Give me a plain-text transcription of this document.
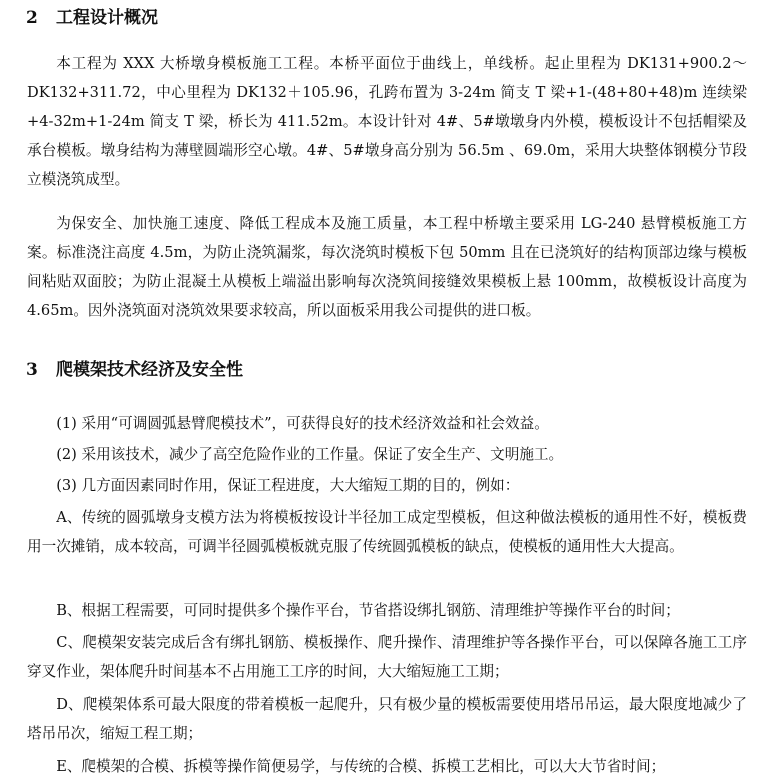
2 工程设计概况

本工程为 XXX 大桥墩身模板施工工程。本桥平面位于曲线上，单线桥。起止里程为 DK131+900.2～DK132+311.72，中心里程为 DK132＋105.96，孔跨布置为 3-24m 简支 T 梁+1-(48+80+48)m 连续梁+4-32m+1-24m 简支 T 梁，桥长为 411.52m。本设计针对 4#、5#墩墩身内外模，模板设计不包括帽梁及承台模板。墩身结构为薄壁圆端形空心墩。4#、5#墩身高分别为 56.5m 、69.0m，采用大块整体钢模分节段立模浇筑成型。

为保安全、加快施工速度、降低工程成本及施工质量，本工程中桥墩主要采用 LG-240 悬臂模板施工方案。标准浇注高度 4.5m，为防止浇筑漏浆，每次浇筑时模板下包 50mm 且在已浇筑好的结构顶部边缘与模板间粘贴双面胶；为防止混凝土从模板上端溢出影响每次浇筑间接缝效果模板上悬 100mm，故模板设计高度为 4.65m。因外浇筑面对浇筑效果要求较高，所以面板采用我公司提供的进口板。

3 爬模架技术经济及安全性

(1) 采用“可调圆弧悬臂爬模技术”，可获得良好的技术经济效益和社会效益。

(2) 采用该技术，减少了高空危险作业的工作量。保证了安全生产、文明施工。

(3) 几方面因素同时作用，保证工程进度，大大缩短工期的目的，例如：

A、传统的圆弧墩身支模方法为将模板按设计半径加工成定型模板，但这种做法模板的通用性不好，模板费用一次摊销，成本较高，可调半径圆弧模板就克服了传统圆弧模板的缺点，使模板的通用性大大提高。

B、根据工程需要，可同时提供多个操作平台，节省搭设绑扎钢筋、清理维护等操作平台的时间；

C、爬模架安装完成后含有绑扎钢筋、模板操作、爬升操作、清理维护等各操作平台，可以保障各施工工序穿叉作业，架体爬升时间基本不占用施工工序的时间，大大缩短施工工期；

D、爬模架体系可最大限度的带着模板一起爬升，只有极少量的模板需要使用塔吊吊运，最大限度地减少了塔吊吊次，缩短工程工期；

E、爬模架的合模、拆模等操作简便易学，与传统的合模、拆模工艺相比，可以大大节省时间；
